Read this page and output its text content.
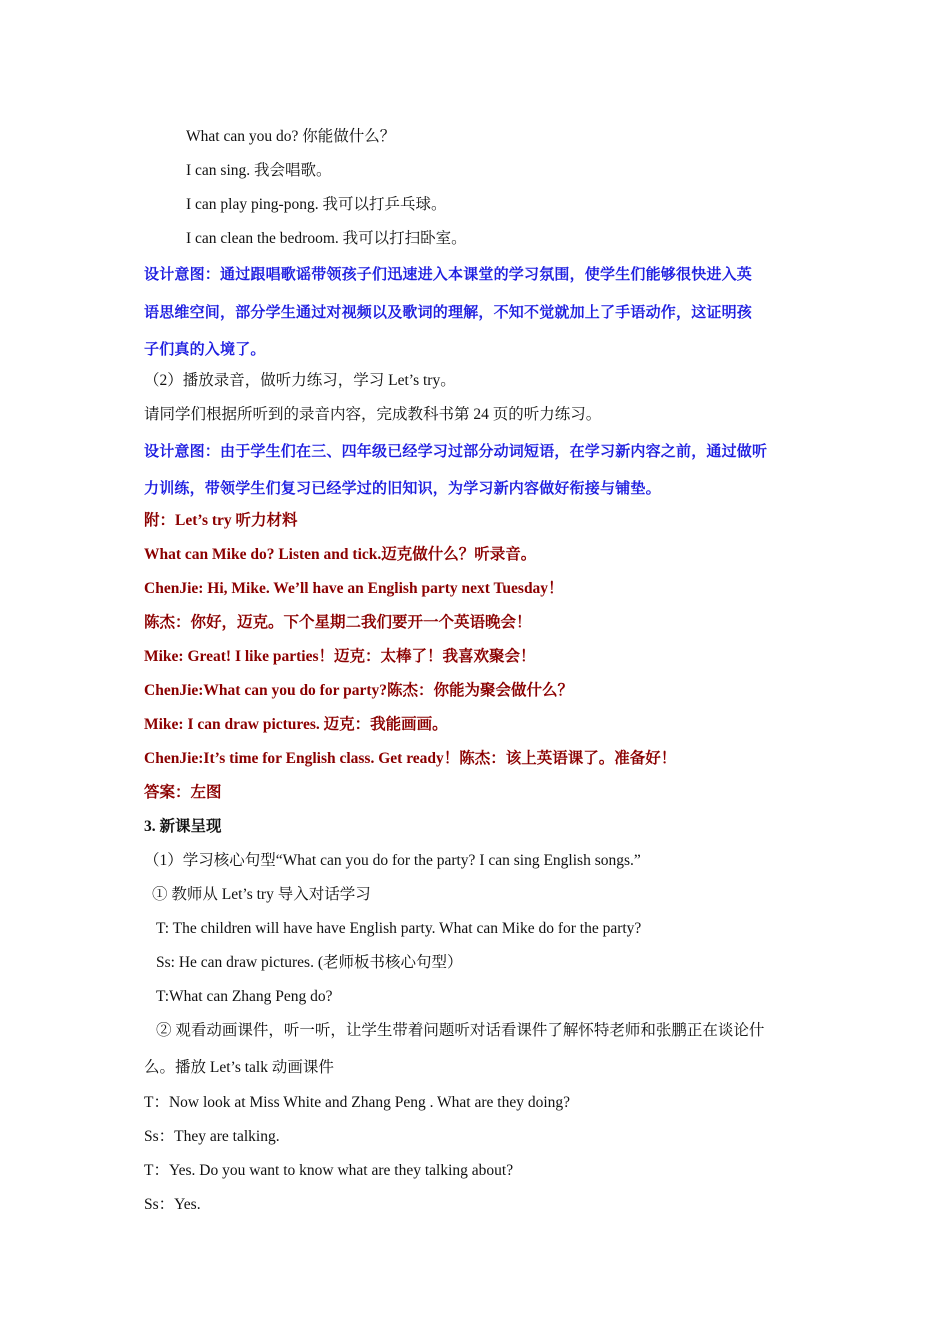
What can you do? 你能做什么？
I can sing. 我会唱歌。
I can play ping-pong. 我可以打乒乓球。
I can clean the bedroom. 我可以打扫卧室。
设计意图：通过跟唱歌谣带领孩子们迅速进入本课堂的学习氛围，使学生们能够很快进入英
语思维空间，部分学生通过对视频以及歌词的理解，不知不觉就加上了手语动作，这证明孩
子们真的入境了。
（2）播放录音，做听力练习，学习 Let’s try。
请同学们根据所听到的录音内容，完成教科书第 24 页的听力练习。
设计意图：由于学生们在三、四年级已经学习过部分动词短语，在学习新内容之前，通过做听
力训练，带领学生们复习已经学过的旧知识，为学习新内容做好衔接与铺垫。
附：Let’s try 听力材料
What can Mike do? Listen and tick.迈克做什么？听录音。
ChenJie: Hi, Mike. We’ll have an English party next Tuesday！
陈杰：你好，迈克。下个星期二我们要开一个英语晚会！
Mike: Great! I like parties！迈克：太棒了！我喜欢聚会！
ChenJie:What can you do for party?陈杰：你能为聚会做什么？
Mike: I can draw pictures. 迈克：我能画画。
ChenJie:It’s time for English class. Get ready！陈杰：该上英语课了。准备好！
答案：左图
3. 新课呈现
（1）学习核心句型“What can you do for the party? I can sing English songs.”
① 教师从 Let’s try 导入对话学习
T: The children will have have English party. What can Mike do for the party?
Ss: He can draw pictures. (老师板书核心句型）
T:What can Zhang Peng do?
② 观看动画课件，听一听，让学生带着问题听对话看课件了解怀特老师和张鹏正在谈论什
么。播放 Let’s talk 动画课件
T：Now look at Miss White and Zhang Peng . What are they doing?
Ss：They are talking.
T：Yes. Do you want to know what are they talking about?
Ss：Yes.
